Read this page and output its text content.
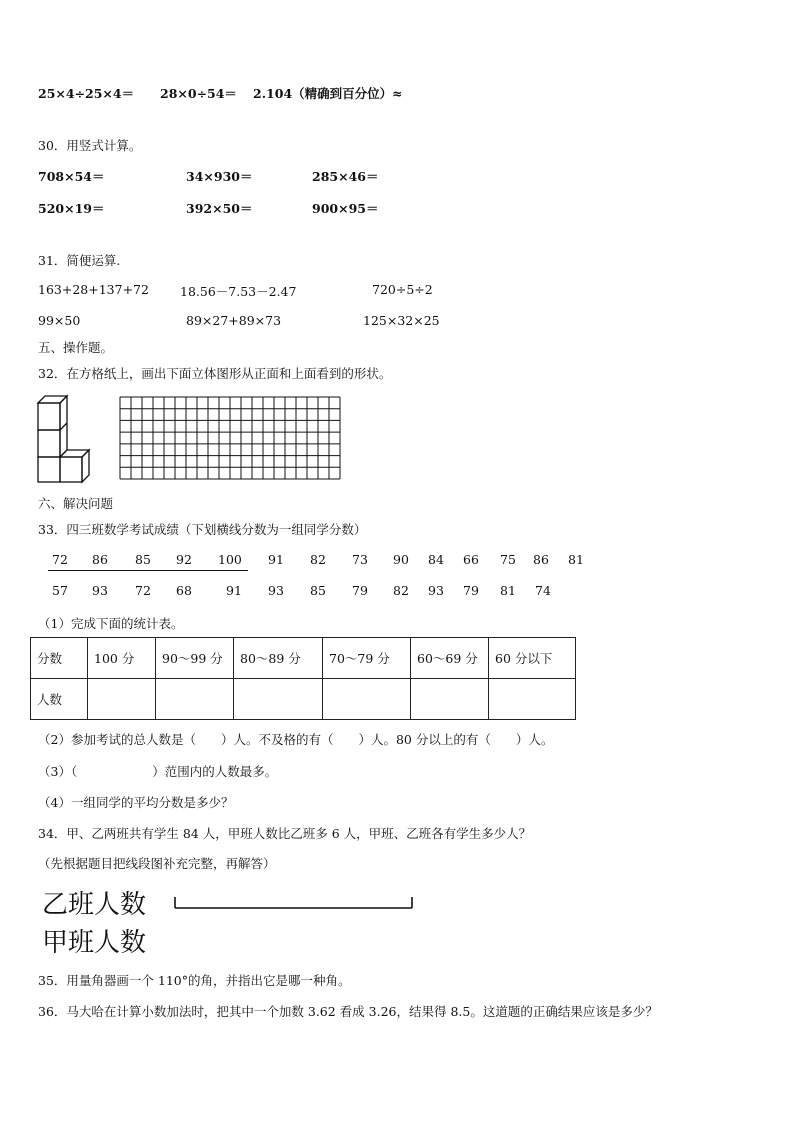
25×4÷25×4＝ 28×0÷54＝ 2.104（精确到百分位）≈
30．用竖式计算。
708×54＝	34×930＝	285×46＝
520×19＝	392×50＝	900×95＝
31．简便运算.
163+28+137+72 18.56－7.53－2.47	720÷5÷2
99×50	89×27+89×73	125×32×25
五、操作题。
32．在方格纸上，画出下面立体图形从正面和上面看到的形状。
六、解决问题
33．四三班数学考试成绩（下划横线分数为一组同学分数）
72 86 85 92 100 91 82 73 90 84 66 75 86 81
57 93 72 68	91 93 85 79 82 93 79 81 74
（1）完成下面的统计表。
分数	100 分	90～99 分	80～89 分	70～79 分	60～69 分	60 分以下
人数						
（2）参加考试的总人数是（　　）人。不及格的有（　　）人。80 分以上的有（　　）人。
（3）（　　　　　　）范围内的人数最多。
（4）一组同学的平均分数是多少？
34．甲、乙两班共有学生 84 人，甲班人数比乙班多 6 人，甲班、乙班各有学生多少人？
（先根据题目把线段图补充完整，再解答）
乙班人数
甲班人数
35．用量角器画一个 110°的角，并指出它是哪一种角。
36．马大哈在计算小数加法时，把其中一个加数 3.62 看成 3.26，结果得 8.5。这道题的正确结果应该是多少？
